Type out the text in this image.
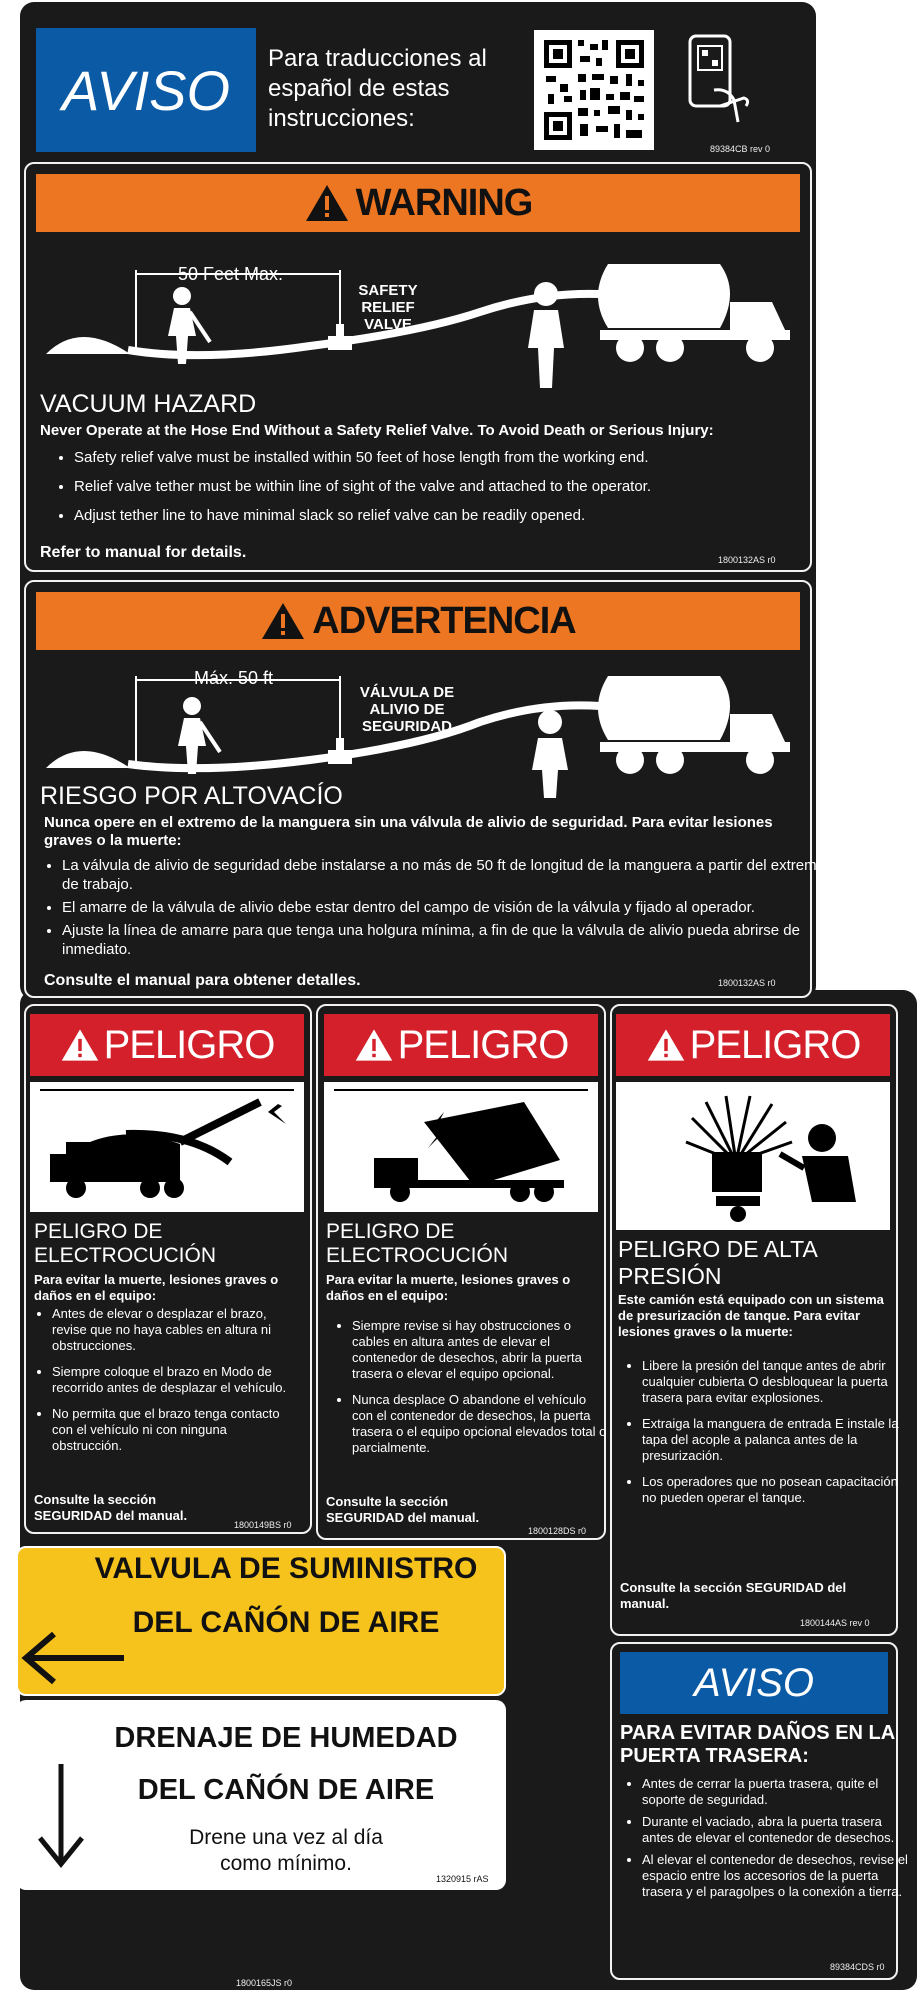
AVISO	Para traducciones al español de estas instrucciones:
89384CB rev 0
WARNING
50 Feet Max.
SAFETY RELIEF VALVE
VACUUM HAZARD
Never Operate at the Hose End Without a Safety Relief Valve. To Avoid Death or Serious Injury:
• Safety relief valve must be installed within 50 feet of hose length from the working end.
• Relief valve tether must be within line of sight of the valve and attached to the operator.
• Adjust tether line to have minimal slack so relief valve can be readily opened.
Refer to manual for details.	1800132AS r0
ADVERTENCIA
Máx. 50 ft
VÁLVULA DE ALIVIO DE SEGURIDAD
RIESGO POR ALTOVACÍO
Nunca opere en el extremo de la manguera sin una válvula de alivio de seguridad. Para evitar lesiones graves o la muerte:
• La válvula de alivio de seguridad debe instalarse a no más de 50 ft de longitud de la manguera a partir del extremo de trabajo.
• El amarre de la válvula de alivio debe estar dentro del campo de visión de la válvula y fijado al operador.
• Ajuste la línea de amarre para que tenga una holgura mínima, a fin de que la válvula de alivio pueda abrirse de inmediato.
Consulte el manual para obtener detalles.	1800132AS r0
PELIGRO
PELIGRO DE ELECTROCUCIÓN
Para evitar la muerte, lesiones graves o daños en el equipo:
• Antes de elevar o desplazar el brazo, revise que no haya cables en altura ni obstrucciones.
• Siempre coloque el brazo en Modo de recorrido antes de desplazar el vehículo.
• No permita que el brazo tenga contacto con el vehículo ni con ninguna obstrucción.
Consulte la sección SEGURIDAD del manual.
1800149BS r0
PELIGRO
PELIGRO DE ELECTROCUCIÓN
Para evitar la muerte, lesiones graves o daños en el equipo:
• Siempre revise si hay obstrucciones o cables en altura antes de elevar el contenedor de desechos, abrir la puerta trasera o elevar el equipo opcional.
• Nunca desplace O abandone el vehículo con el contenedor de desechos, la puerta trasera o el equipo opcional elevados total o parcialmente.
Consulte la sección SEGURIDAD del manual.
1800128DS r0
PELIGRO
PELIGRO DE ALTA PRESIÓN
Este camión está equipado con un sistema de presurización de tanque. Para evitar lesiones graves o la muerte:
• Libere la presión del tanque antes de abrir cualquier cubierta O desbloquear la puerta trasera para evitar explosiones.
• Extraiga la manguera de entrada E instale la tapa del acople a palanca antes de la presurización.
• Los operadores que no posean capacitación no pueden operar el tanque.
Consulte la sección SEGURIDAD del manual.
1800144AS rev 0
VALVULA DE SUMINISTRO
DEL CAÑÓN DE AIRE
DRENAJE DE HUMEDAD
DEL CAÑÓN DE AIRE
Drene una vez al día
como mínimo.
1320915 rAS
AVISO
PARA EVITAR DAÑOS EN LA PUERTA TRASERA:
• Antes de cerrar la puerta trasera, quite el soporte de seguridad.
• Durante el vaciado, abra la puerta trasera antes de elevar el contenedor de desechos.
• Al elevar el contenedor de desechos, revise el espacio entre los accesorios de la puerta trasera y el paragolpes o la conexión a tierra.
89384CDS r0
1800165JS r0
